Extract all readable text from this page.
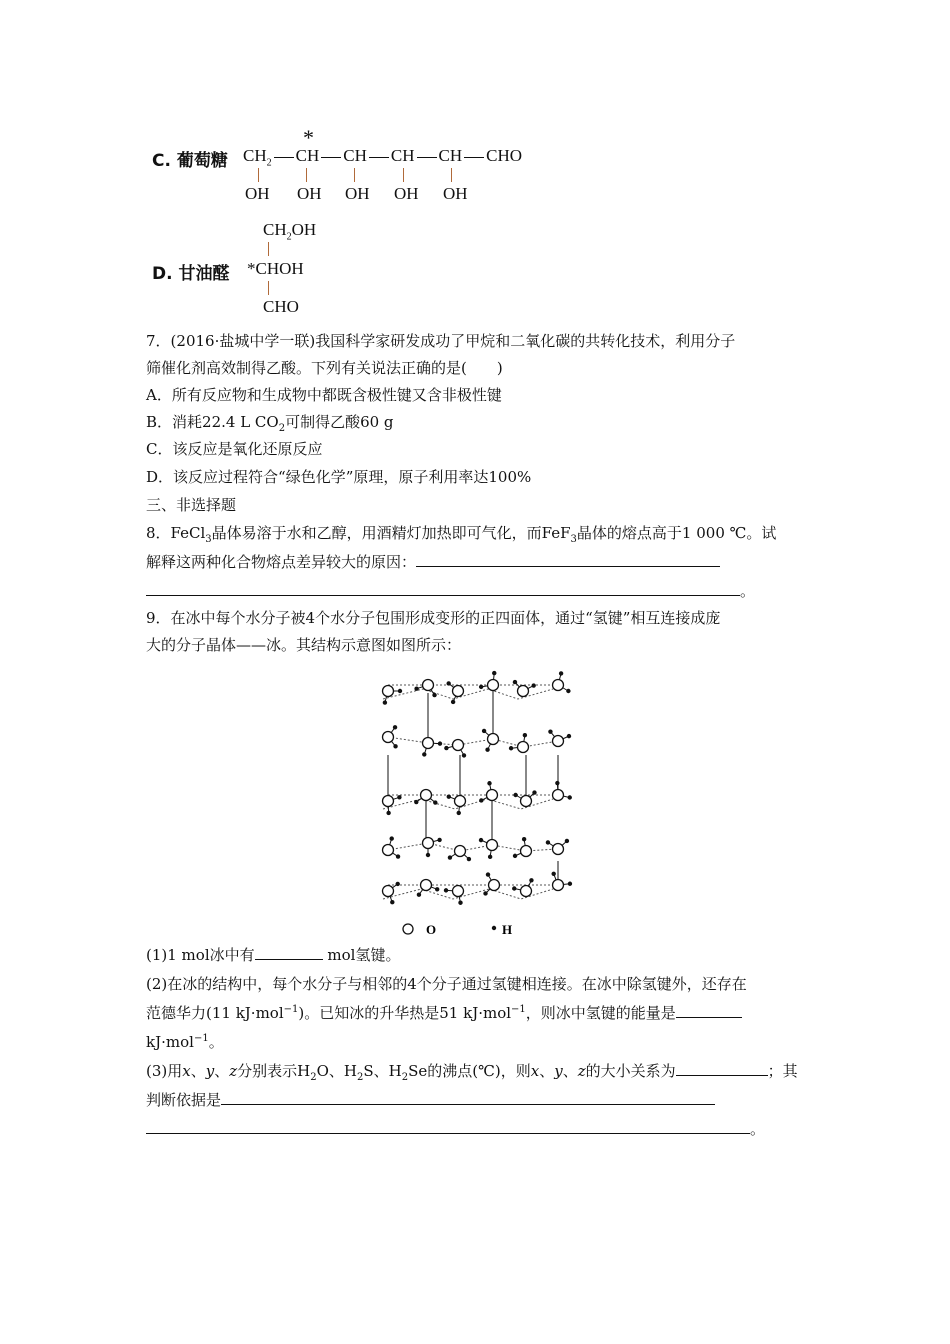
C. 葡萄糖
*
$CH_2$ CH CH CH CH CHO
OH OH OH OH OH
$CH_2OH$
D. 甘油醛 *CHOH
CHO
7．(2016·盐城中学一联)我国科学家研发成功了甲烷和二氧化碳的共转化技术，利用分子
筛催化剂高效制得乙酸。下列有关说法正确的是(　　)
A．所有反应物和生成物中都既含极性键又含非极性键
B．消耗22.4 L $CO_2$可制得乙酸60 g
C．该反应是氧化还原反应
D．该反应过程符合“绿色化学”原理，原子利用率达100%
三、非选择题
8．FeCl$_3$晶体易溶于水和乙醇，用酒精灯加热即可气化，而FeF$_3$晶体的熔点高于1 000 ℃。试
解释这两种化合物熔点差异较大的原因：
。
9．在冰中每个水分子被4个水分子包围形成变形的正四面体，通过“氢键”相互连接成庞
大的分子晶体——冰。其结构示意图如图所示：
O	H
(1)1 mol冰中有	mol氢键。
(2)在冰的结构中，每个水分子与相邻的4个分子通过氢键相连接。在冰中除氢键外，还存在
范德华力(11 kJ·mol$^{-1}$)。已知冰的升华热是51 kJ·mol$^{-1}$，则冰中氢键的能量是
kJ·mol$^{-1}$。
(3)用x、y、z分别表示$H_2O$、$H_2S$、$H_2Se$的沸点(℃)，则x、y、z的大小关系为	；其
判断依据是
。
